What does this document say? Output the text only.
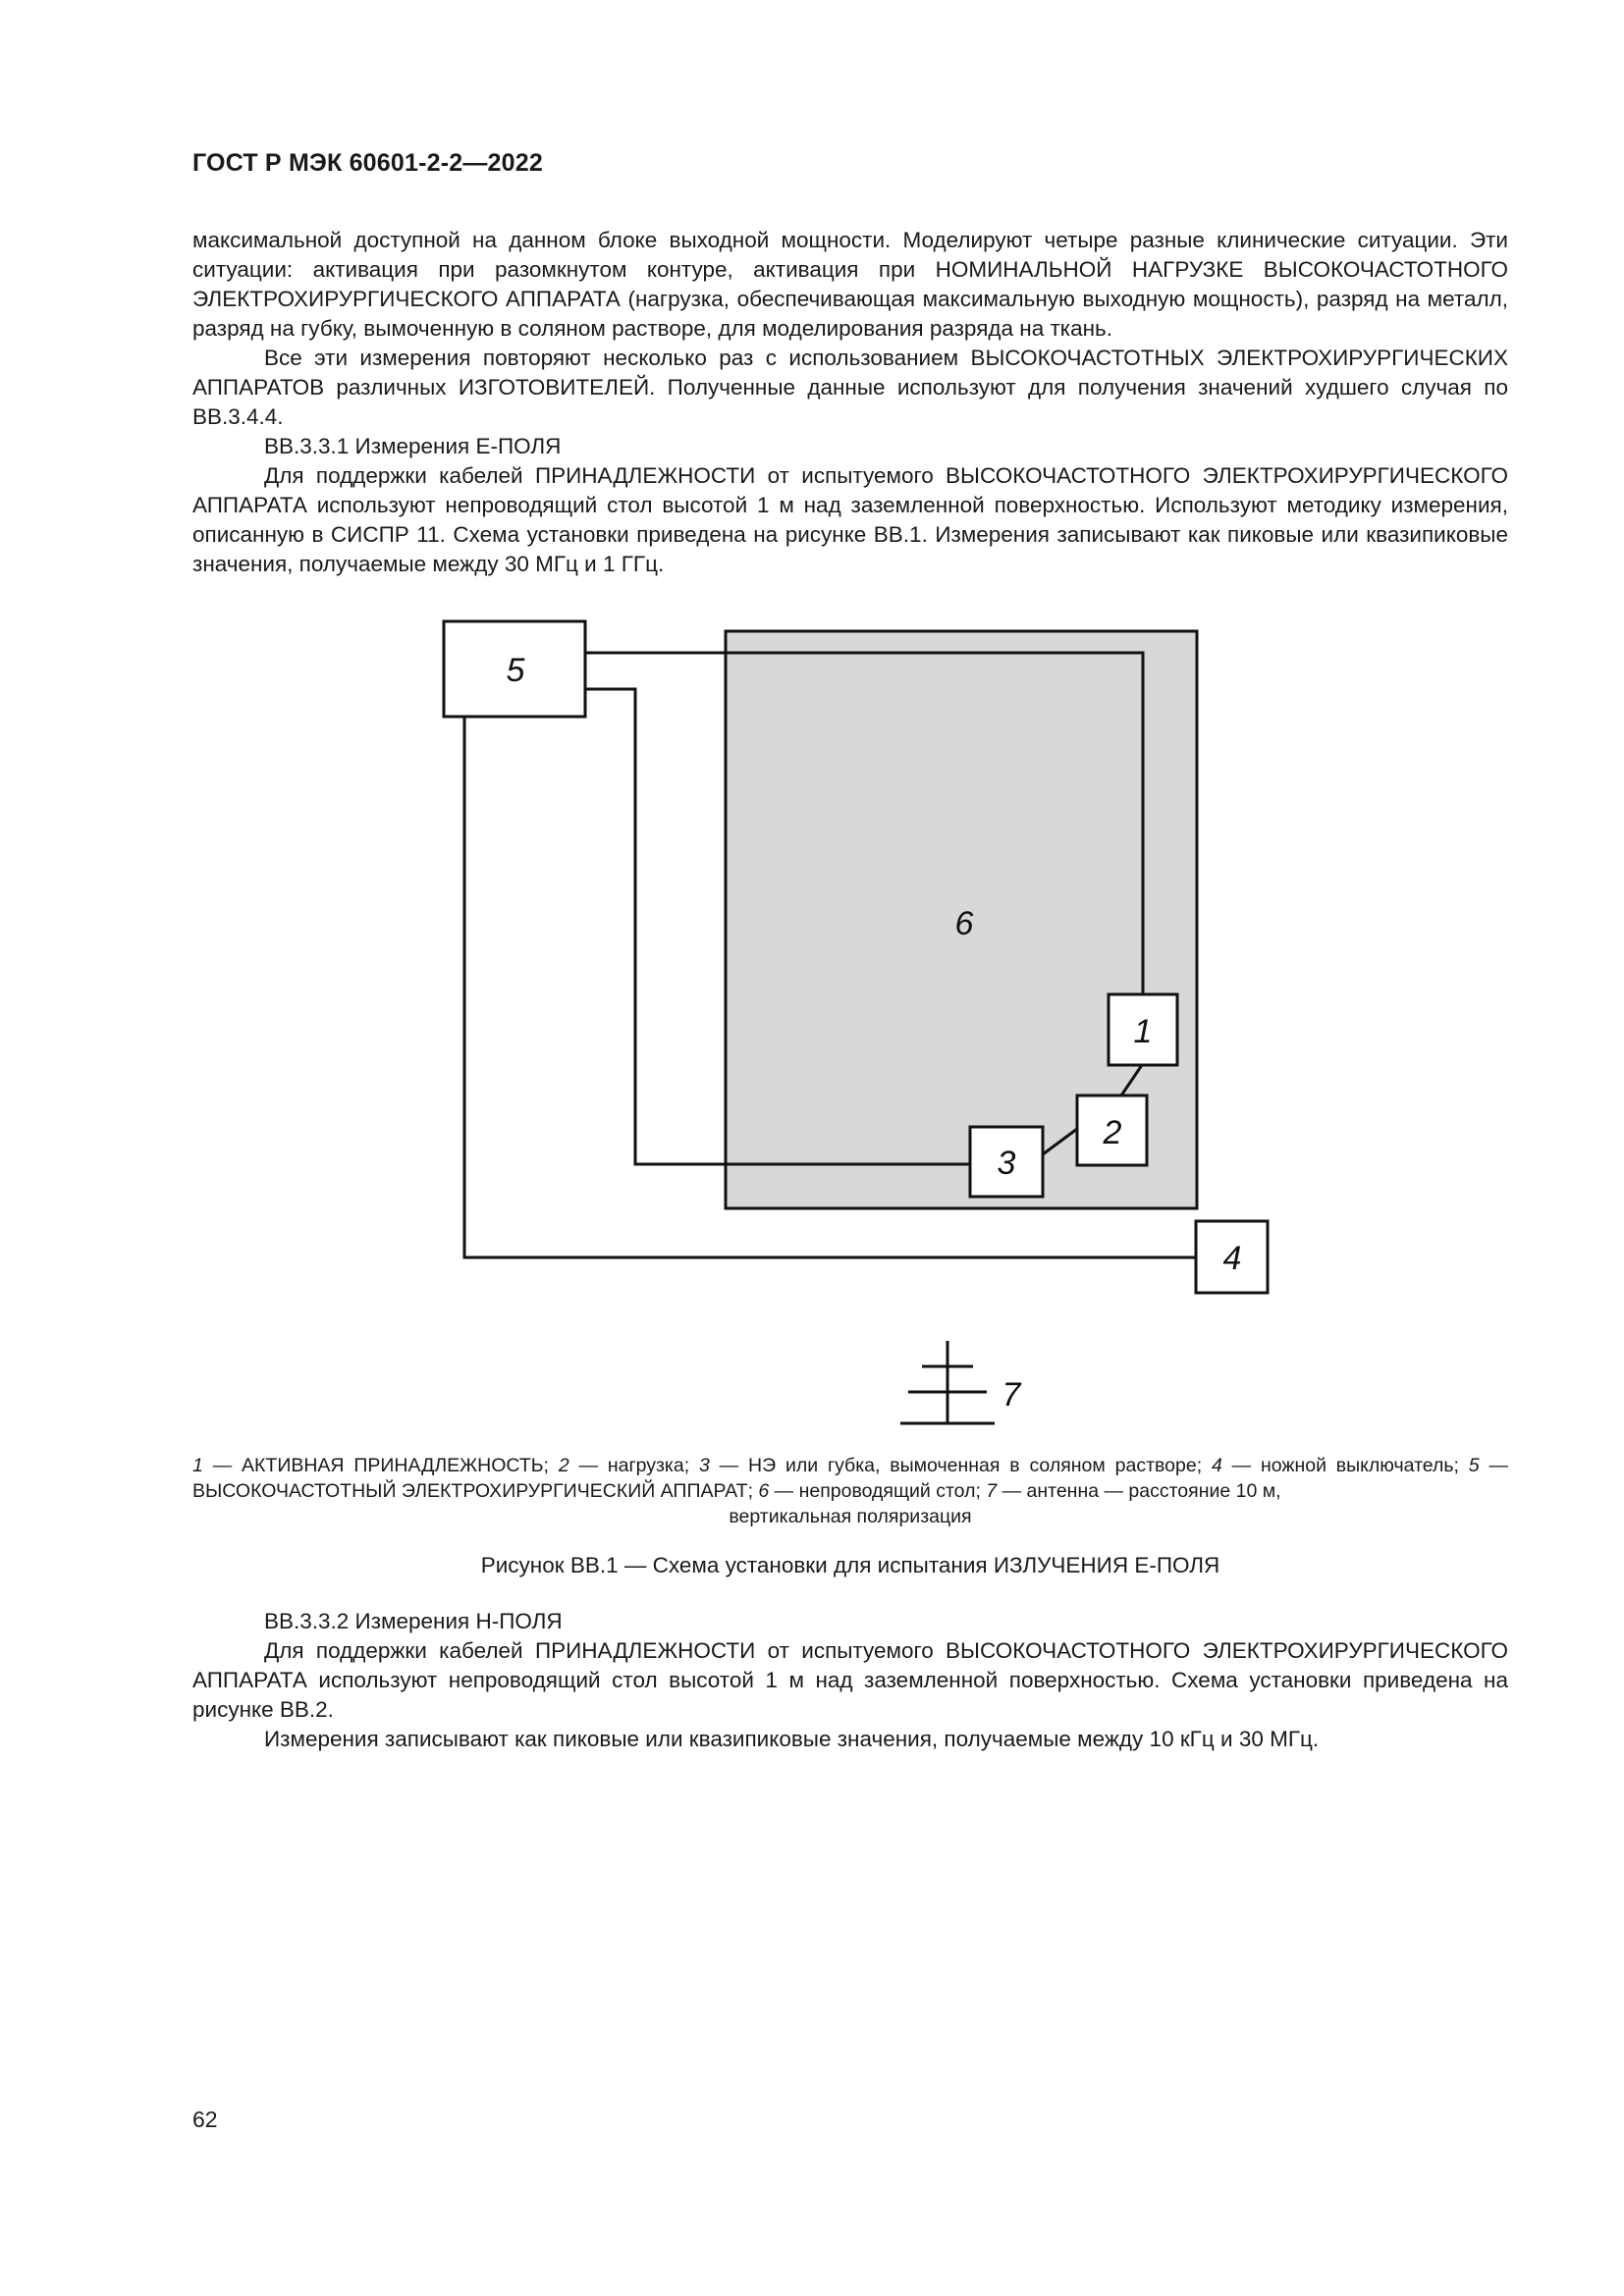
ГОСТ Р МЭК 60601-2-2—2022

максимальной доступной на данном блоке выходной мощности. Моделируют четыре разные клинические ситуации. Эти ситуации: активация при разомкнутом контуре, активация при НОМИНАЛЬНОЙ НАГРУЗКЕ ВЫСОКОЧАСТОТНОГО ЭЛЕКТРОХИРУРГИЧЕСКОГО АППАРАТА (нагрузка, обеспечивающая максимальную выходную мощность), разряд на металл, разряд на губку, вымоченную в соляном растворе, для моделирования разряда на ткань.

Все эти измерения повторяют несколько раз с использованием ВЫСОКОЧАСТОТНЫХ ЭЛЕКТРОХИРУРГИЧЕСКИХ АППАРАТОВ различных ИЗГОТОВИТЕЛЕЙ. Полученные данные используют для получения значений худшего случая по ВВ.3.4.4.

ВВ.3.3.1 Измерения Е-ПОЛЯ

Для поддержки кабелей ПРИНАДЛЕЖНОСТИ от испытуемого ВЫСОКОЧАСТОТНОГО ЭЛЕКТРОХИРУРГИЧЕСКОГО АППАРАТА используют непроводящий стол высотой 1 м над заземленной поверхностью. Используют методику измерения, описанную в СИСПР 11. Схема установки приведена на рисунке ВВ.1. Измерения записывают как пиковые или квазипиковые значения, получаемые между 30 МГц и 1 ГГц.

5
6
1
2
3
4
7

1 — АКТИВНАЯ ПРИНАДЛЕЖНОСТЬ; 2 — нагрузка; 3 — НЭ или губка, вымоченная в соляном растворе; 4 — ножной выключатель; 5 — ВЫСОКОЧАСТОТНЫЙ ЭЛЕКТРОХИРУРГИЧЕСКИЙ АППАРАТ; 6 — непроводящий стол; 7 — антенна — расстояние 10 м,

вертикальная поляризация

Рисунок ВВ.1 — Схема установки для испытания ИЗЛУЧЕНИЯ Е-ПОЛЯ

ВВ.3.3.2 Измерения Н-ПОЛЯ

Для поддержки кабелей ПРИНАДЛЕЖНОСТИ от испытуемого ВЫСОКОЧАСТОТНОГО ЭЛЕКТРОХИРУРГИЧЕСКОГО АППАРАТА используют непроводящий стол высотой 1 м над заземленной поверхностью. Схема установки приведена на рисунке ВВ.2.

Измерения записывают как пиковые или квазипиковые значения, получаемые между 10 кГц и 30 МГц.

62
